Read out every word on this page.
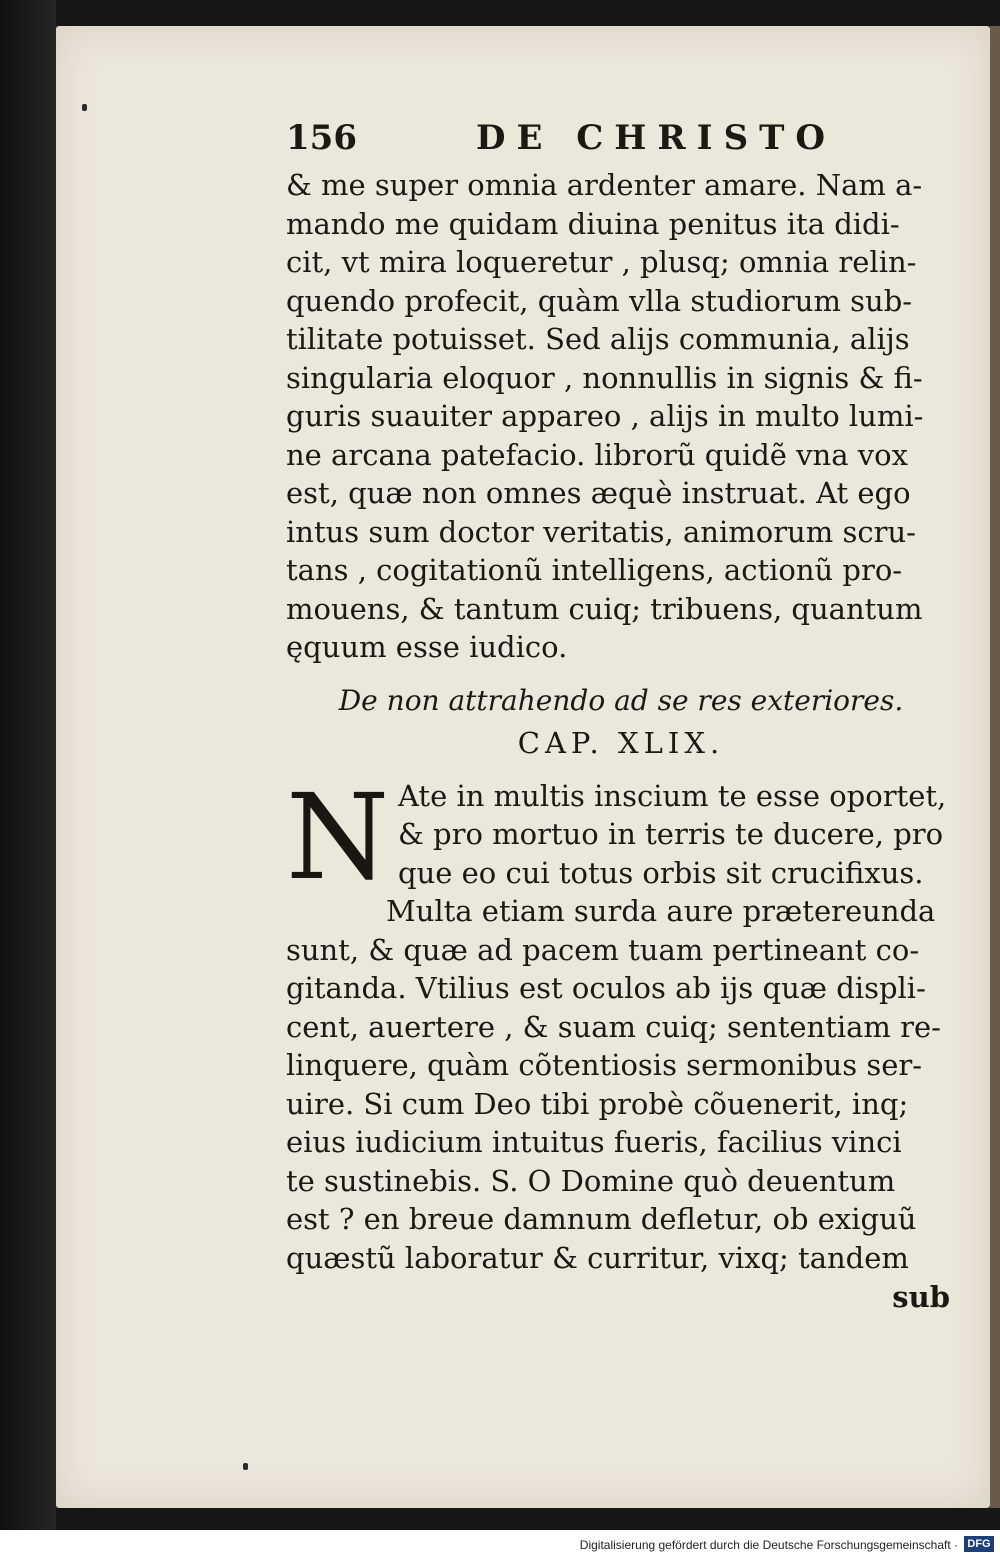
156	DE CHRISTO
& me super omnia ardenter amare. Nam a-
mando me quidam diuina penitus ita didi-
cit, vt mira loqueretur , plusq; omnia relin-
quendo profecit, quàm vlla studiorum sub-
tilitate potuisset. Sed alijs communia, alijs
singularia eloquor , nonnullis in signis & fi-
guris suauiter appareo , alijs in multo lumi-
ne arcana patefacio. librorũ quidẽ vna vox
est, quæ non omnes æquè instruat. At ego
intus sum doctor veritatis, animorum scru-
tans , cogitationũ intelligens, actionũ pro-
mouens, & tantum cuiq; tribuens, quantum
ęquum esse iudico.
De non attrahendo ad se res exteriores.
CAP. XLIX.
N Ate in multis inscium te esse oportet,
& pro mortuo in terris te ducere, pro
que eo cui totus orbis sit crucifixus.
Multa etiam surda aure prætereunda
sunt, & quæ ad pacem tuam pertineant co-
gitanda. Vtilius est oculos ab ijs quæ displi-
cent, auertere , & suam cuiq; sententiam re-
linquere, quàm cõtentiosis sermonibus ser-
uire. Si cum Deo tibi probè cõuenerit, inq;
eius iudicium intuitus fueris, facilius vinci
te sustinebis. S. O Domine quò deuentum
est ? en breue damnum defletur, ob exiguũ
quæstũ laboratur & curritur, vixq; tandem
sub
Digitalisierung gefördert durch die Deutsche Forschungsgemeinschaft · DFG
